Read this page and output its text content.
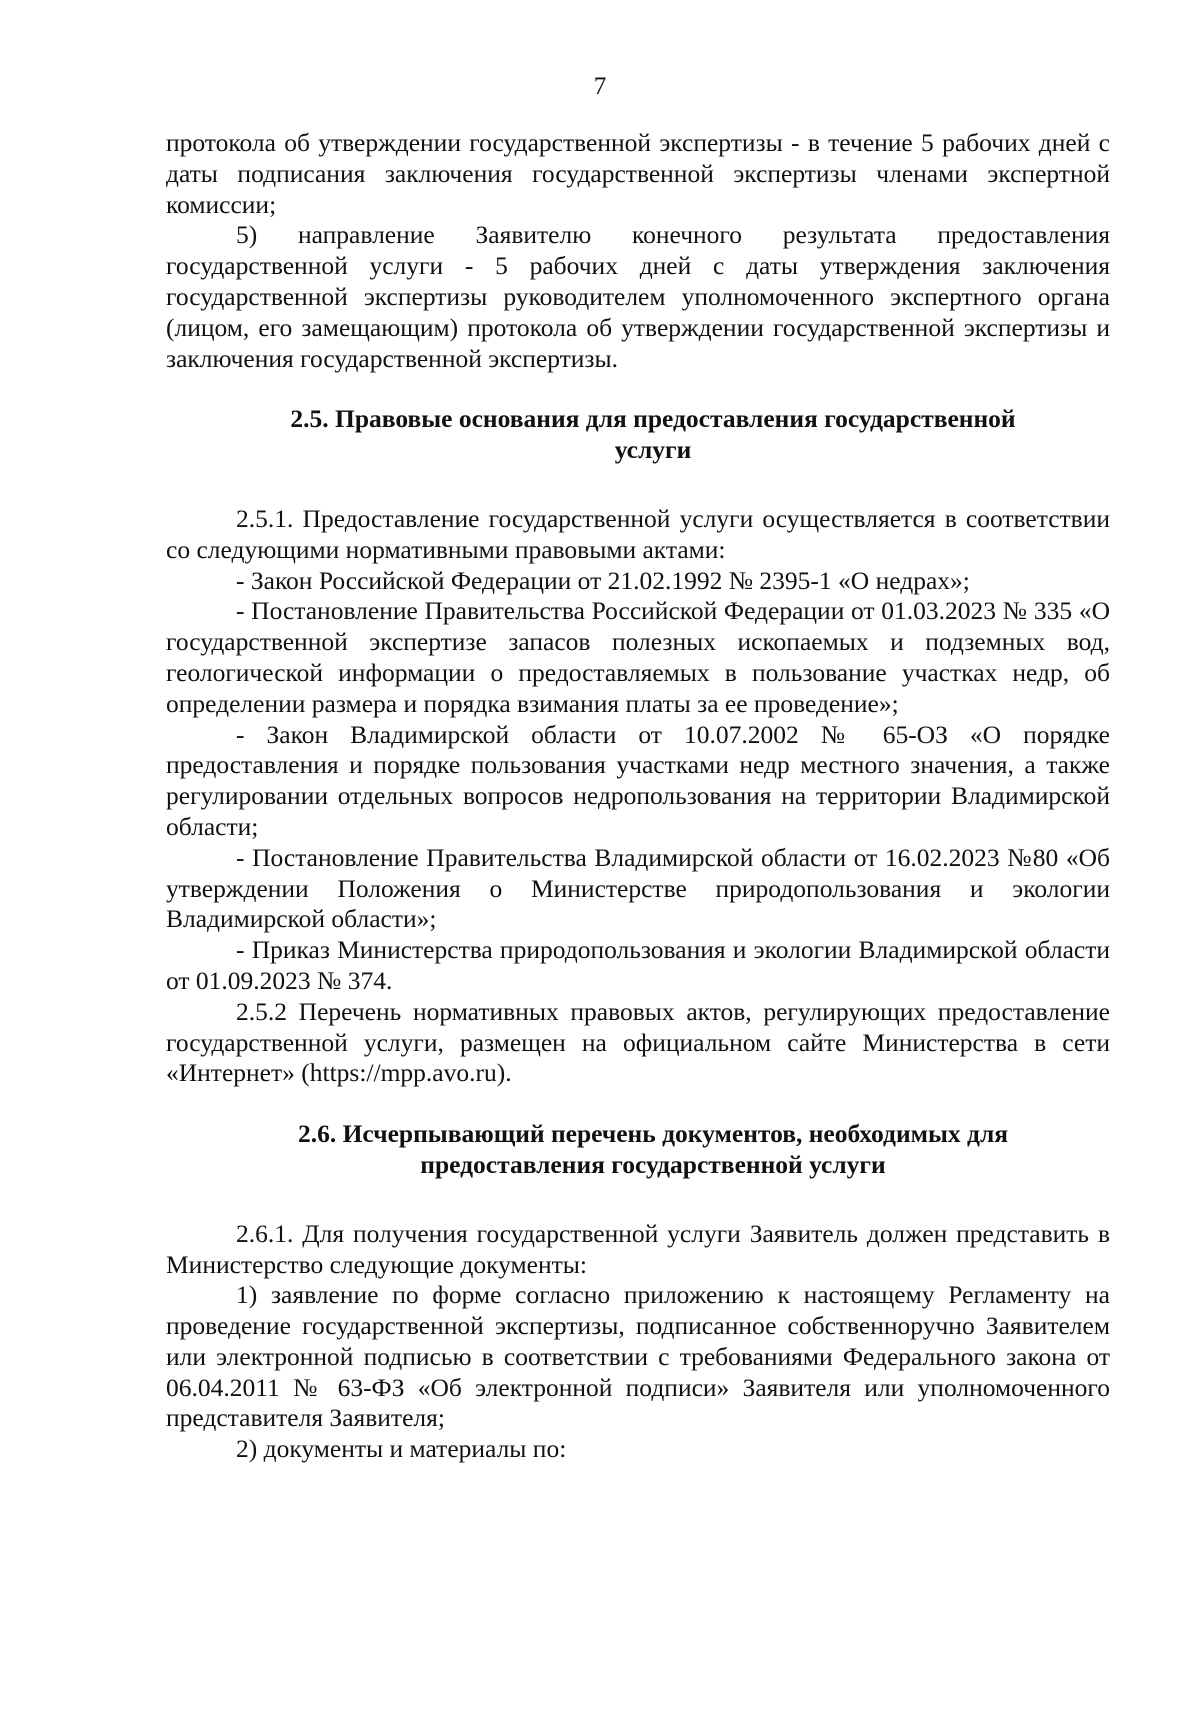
7

протокола об утверждении государственной экспертизы - в течение 5 рабочих дней с даты подписания заключения государственной экспертизы членами экспертной комиссии;

5) направление Заявителю конечного результата предоставления государственной услуги - 5 рабочих дней с даты утверждения заключения государственной экспертизы руководителем уполномоченного экспертного органа (лицом, его замещающим) протокола об утверждении государственной экспертизы и заключения государственной экспертизы.

2.5. Правовые основания для предоставления государственной
услуги

2.5.1. Предоставление государственной услуги осуществляется в соответствии со следующими нормативными правовыми актами:

- Закон Российской Федерации от 21.02.1992 № 2395-1 «О недрах»;

- Постановление Правительства Российской Федерации от 01.03.2023 № 335 «О государственной экспертизе запасов полезных ископаемых и подземных вод, геологической информации о предоставляемых в пользование участках недр, об определении размера и порядка взимания платы за ее проведение»;

- Закон Владимирской области от 10.07.2002 № 65-ОЗ «О порядке предоставления и порядке пользования участками недр местного значения, а также регулировании отдельных вопросов недропользования на территории Владимирской области;

- Постановление Правительства Владимирской области от 16.02.2023 №80 «Об утверждении Положения о Министерстве природопользования и экологии Владимирской области»;

- Приказ Министерства природопользования и экологии Владимирской области от 01.09.2023 № 374.

2.5.2 Перечень нормативных правовых актов, регулирующих предоставление государственной услуги, размещен на официальном сайте Министерства в сети «Интернет» (https://mpp.avo.ru).

2.6. Исчерпывающий перечень документов, необходимых для
предоставления государственной услуги

2.6.1. Для получения государственной услуги Заявитель должен представить в Министерство следующие документы:

1) заявление по форме согласно приложению к настоящему Регламенту на проведение государственной экспертизы, подписанное собственноручно Заявителем или электронной подписью в соответствии с требованиями Федерального закона от 06.04.2011 № 63-ФЗ «Об электронной подписи» Заявителя или уполномоченного представителя Заявителя;

2) документы и материалы по:
